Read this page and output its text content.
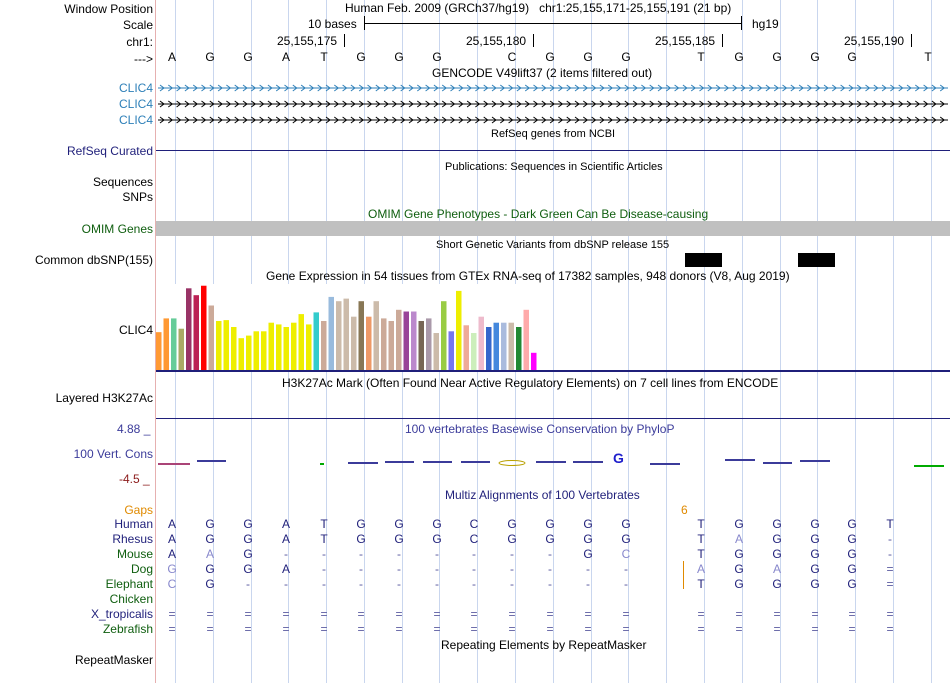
Window Position	Human Feb. 2009 (GRCh37/hg19)   chr1:25,155,171-25,155,191 (21 bp)
Scale	10 bases	hg19
chr1:	25,155,175	25,155,180	25,155,185	25,155,190
--->	A	G	G	A	T	G	G	G	C	G	G	G	T	G	G	G	G	T
GENCODE V49lift37 (2 items filtered out)
CLIC4
CLIC4
CLIC4
RefSeq genes from NCBI
RefSeq Curated
Publications: Sequences in Scientific Articles
Sequences
SNPs
OMIM Gene Phenotypes - Dark Green Can Be Disease-causing
OMIM Genes
Short Genetic Variants from dbSNP release 155
Common dbSNP(155)
Gene Expression in 54 tissues from GTEx RNA-seq of 17382 samples, 948 donors (V8, Aug 2019)
CLIC4
H3K27Ac Mark (Often Found Near Active Regulatory Elements) on 7 cell lines from ENCODE
Layered H3K27Ac
4.88 _	100 vertebrates Basewise Conservation by PhyloP
100 Vert. Cons
-4.5 _
G
Multiz Alignments of 100 Vertebrates
Gaps	6
Human	A	G	G	A	T	G	G	G	C	G	G	G	G	T	G	G	G	G	T
Rhesus	A	G	G	A	T	G	G	G	C	G	G	G	G	T	A	G	G	G	-
Mouse	A	A	G	-	-	-	-	-	-	-	-	G	C	T	G	G	G	G	-
Dog	G	G	G	A	-	-	-	-	-	-	-	-	-	A	G	A	G	G	=
Elephant	C	G	-	-	-	-	-	-	-	-	-	-	-	T	G	G	G	G	=
Chicken
X_tropicalis	=	=	=	=	=	=	=	=	=	=	=	=	=	=	=	=	=	=	=
Zebrafish	=	=	=	=	=	=	=	=	=	=	=	=	=	=	=	=	=	=	=
Repeating Elements by RepeatMasker
RepeatMasker
